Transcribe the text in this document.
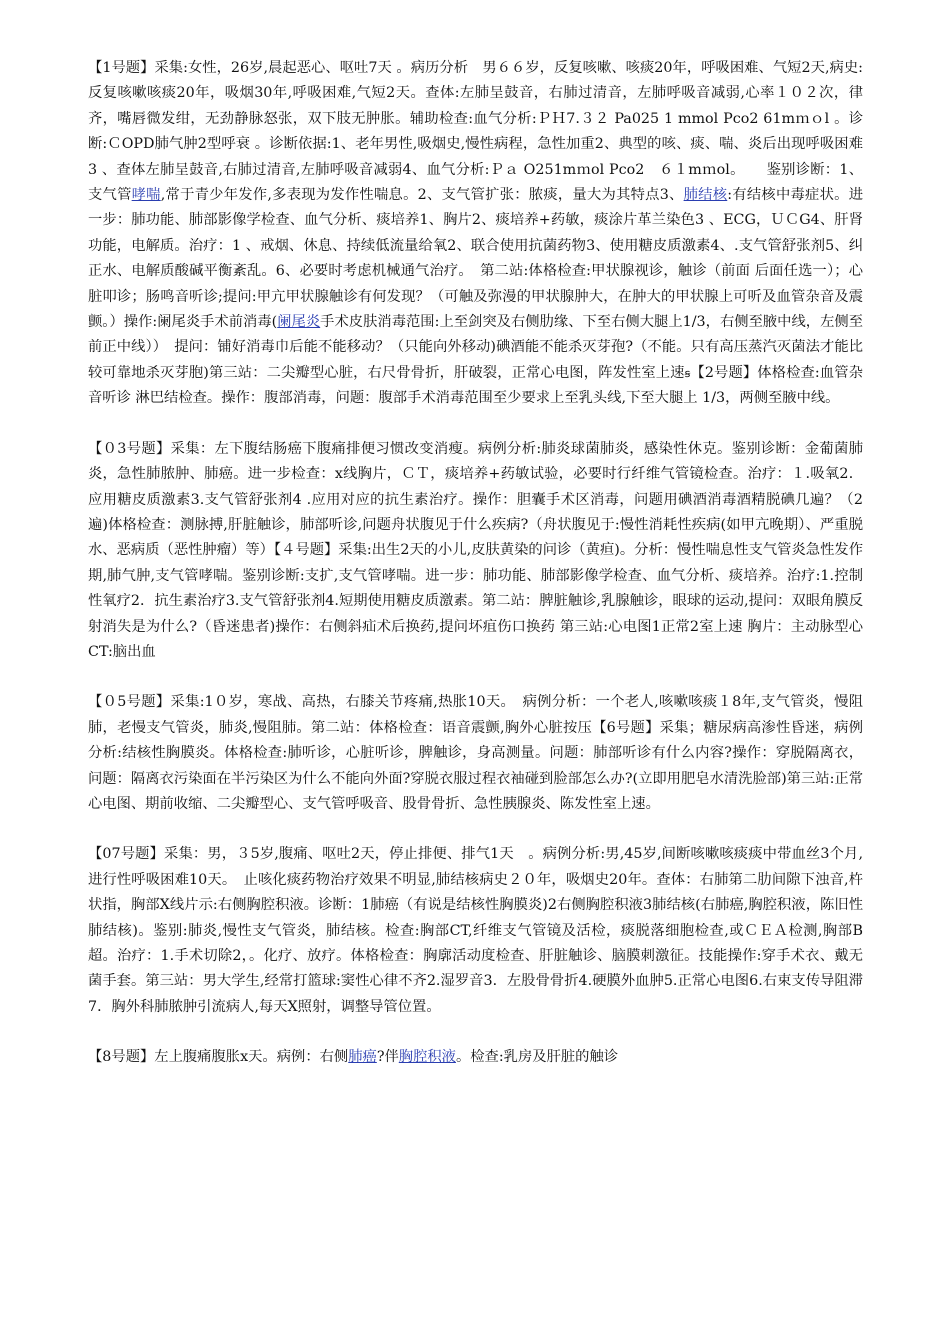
【1号题】采集:女性，26岁,晨起恶心、呕吐7天 。病历分析　男６６岁，反复咳嗽、咳痰20年，呼吸困难、气短2天,病史:反复咳嗽咳痰20年，吸烟30年,呼吸困难,气短2天。查体:左肺呈鼓音，右肺过清音，左肺呼吸音减弱,心率１０２次，律齐，嘴唇微发绀，无劲静脉怒张，双下肢无肿胀。辅助检查:血气分析:ＰＨ7.３２ Pa025 1 mmol Pco2 61mｍｏl 。诊断:ＣOPD肺气肿2型呼衰 。诊断依据:1、老年男性,吸烟史,慢性病程，急性加重2、典型的咳、痰、喘、炎后出现呼吸困难3 、查体左肺呈鼓音,右肺过清音,左肺呼吸音减弱4、血气分析:Ｐａ O251mｍol Pco2　６１mｍol。　　鉴别诊断：1、支气管哮喘,常于青少年发作,多表现为发作性喘息。2、支气管扩张：脓痰，量大为其特点3、肺结核:有结核中毒症状。进一步：肺功能、肺部影像学检查、血气分析、痰培养1、胸片2、痰培养+药敏，痰涂片革兰染色3 、ECG，ＵＣG4、肝肾功能，电解质。治疗：1 、戒烟、休息、持续低流量给氧2、联合使用抗菌药物3、使用糖皮质激素4、.支气管舒张剂5、纠正水、电解质酸碱平衡紊乱。6、必要时考虑机械通气治疗。　第二站:体格检查:甲状腺视诊，触诊（前面 后面任选一）；心脏叩诊；肠鸣音听诊;提问:甲亢甲状腺触诊有何发现？（可触及弥漫的甲状腺肿大，在肿大的甲状腺上可听及血管杂音及震颤。）操作:阑尾炎手术前消毒(阑尾炎手术皮肤消毒范围:上至剑突及右侧肋缘、下至右侧大腿上1/3，右侧至腋中线，左侧至前正中线））　提问：铺好消毒巾后能不能移动？（只能向外移动)碘酒能不能杀灭芽孢?（不能。只有高压蒸汽灭菌法才能比较可靠地杀灭芽胞)第三站：二尖瓣型心脏，右尺骨骨折，肝破裂，正常心电图，阵发性室上速ꞩ【2号题】体格检查:血管杂音听诊 淋巴结检查。操作：腹部消毒，问题：腹部手术消毒范围至少要求上至乳头线,下至大腿上 1/3，两侧至腋中线。

【０3号题】采集：左下腹结肠癌下腹痛排便习惯改变消瘦。病例分析:肺炎球菌肺炎，感染性休克。鉴别诊断：金葡菌肺炎，急性肺脓肿、肺癌。进一步检查：x线胸片，ＣＴ，痰培养+药敏试验，必要时行纤维气管镜检查。治疗：１.吸氧2．应用糖皮质激素3.支气管舒张剂4 .应用对应的抗生素治疗。操作：胆囊手术区消毒，问题用碘酒消毒酒精脱碘几遍？（2遍)体格检查：测脉搏,肝脏触诊，肺部听诊,问题舟状腹见于什么疾病?（舟状腹见于:慢性消耗性疾病(如甲亢晚期）、严重脱水、恶病质（恶性肿瘤）等）【４号题】采集:出生2天的小儿,皮肤黄染的问诊（黄疸)。分析：慢性喘息性支气管炎急性发作期,肺气肿,支气管哮喘。鉴别诊断:支扩,支气管哮喘。进一步：肺功能、肺部影像学检查、血气分析、痰培养。治疗:1.控制性氧疗2．抗生素治疗3.支气管舒张剂4.短期使用糖皮质激素。第二站：脾脏触诊,乳腺触诊，眼球的运动,提问：双眼角膜反射消失是为什么?（昏迷患者)操作：右侧斜疝术后换药,提问坏疽伤口换药 第三站:心电图1正常2室上速 胸片：主动脉型心CT:脑出血

【０5号题】采集:1０岁，寒战、高热，右膝关节疼痛,热胀10天。　病例分析：一个老人,咳嗽咳痰１8年,支气管炎，慢阻肺，老慢支气管炎，肺炎,慢阻肺。第二站：体格检查：语音震颤,胸外心脏按压【6号题】采集；糖尿病高渗性昏迷，病例分析:结核性胸膜炎。体格检查:肺听诊，心脏听诊，脾触诊，身高测量。问题：肺部听诊有什么内容?操作：穿脱隔离衣，问题：隔离衣污染面在半污染区为什么不能向外面?穿脱衣服过程衣袖碰到脸部怎么办?(立即用肥皂水清洗脸部)第三站:正常心电图、期前收缩、二尖瓣型心、支气管呼吸音、股骨骨折、急性胰腺炎、陈发性室上速。

【07号题】采集：男，３5岁,腹痛、呕吐2天，停止排便、排气1天　。病例分析:男,45岁,间断咳嗽咳痰痰中带血丝3个月,进行性呼吸困难10天。　止咳化痰药物治疗效果不明显,肺结核病史２０年，吸烟史20年。查体：右肺第二肋间隙下浊音,杵状指，胸部X线片示:右侧胸腔积液。诊断：1肺癌（有说是结核性胸膜炎)2右侧胸腔积液3肺结核(右肺癌,胸腔积液，陈旧性肺结核)。鉴别:肺炎,慢性支气管炎，肺结核。检查:胸部CT,纤维支气管镜及活检，痰脱落细胞检查,或ＣＥＡ检测,胸部B超。治疗：1.手术切除2，。化疗、放疗。体格检查：胸廓活动度检查、肝脏触诊、脑膜刺激征。技能操作:穿手术衣、戴无菌手套。第三站：男大学生,经常打篮球:窦性心律不齐2.湿罗音3．左股骨骨折4.硬膜外血肿5.正常心电图6.右束支传导阻滞7．胸外科肺脓肿引流病人,每天X照射，调整导管位置。

【8号题】左上腹痛腹胀x天。病例：右侧肺癌?伴胸腔积液。检查:乳房及肝脏的触诊
